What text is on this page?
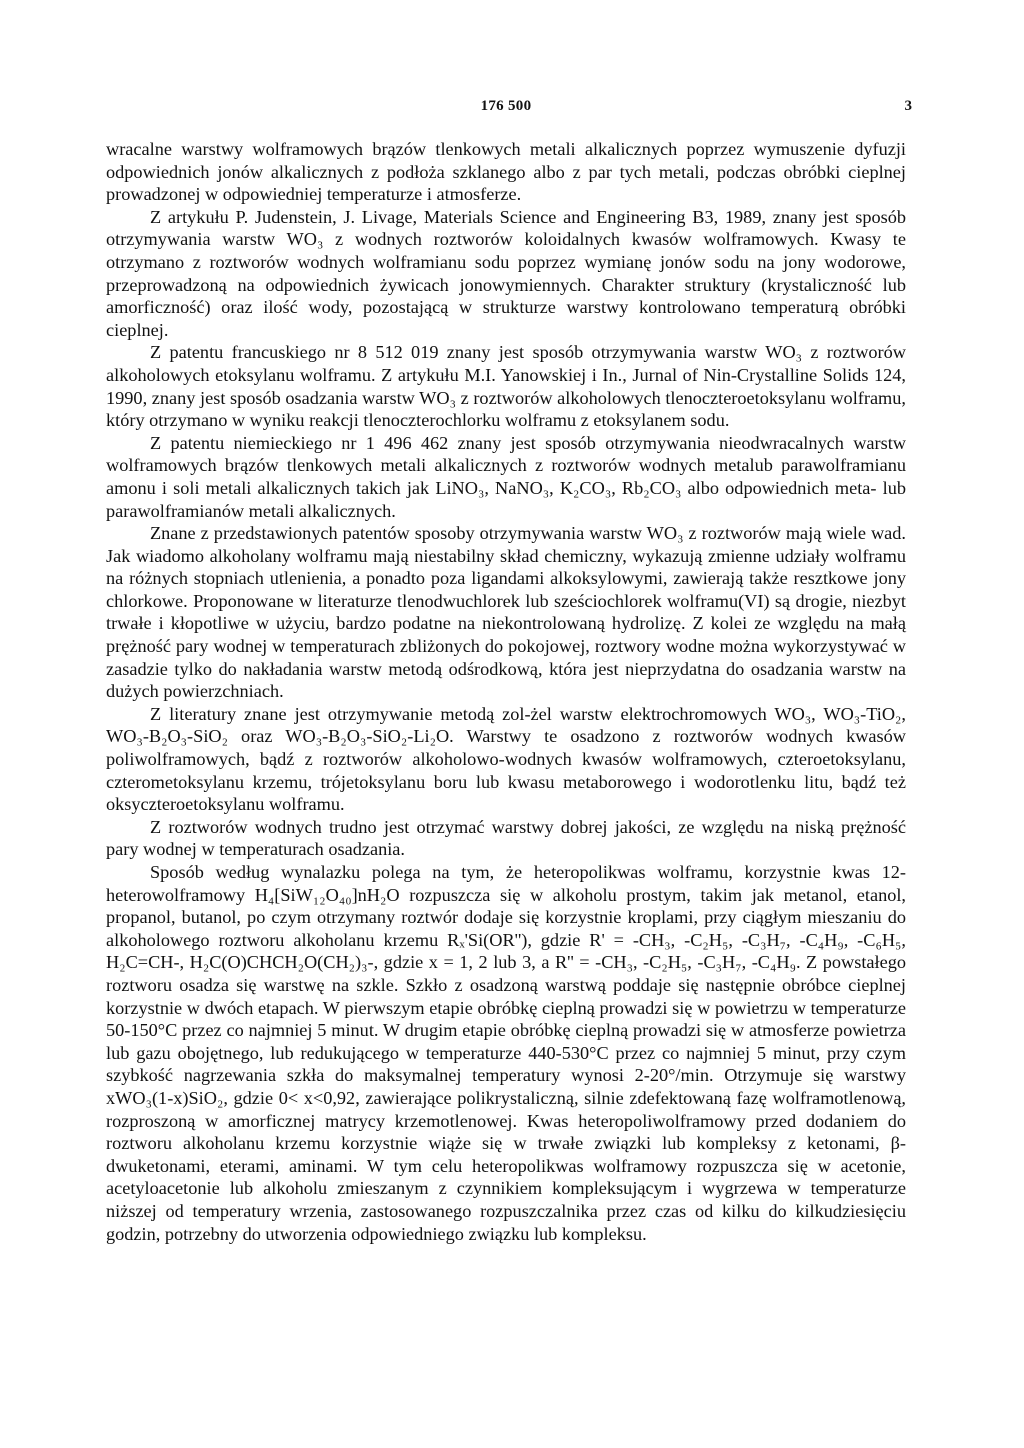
176 500	3

wracalne warstwy wolframowych brązów tlenkowych metali alkalicznych poprzez wymuszenie dyfuzji odpowiednich jonów alkalicznych z podłoża szklanego albo z par tych metali, podczas obróbki cieplnej prowadzonej w odpowiedniej temperaturze i atmosferze.

Z artykułu P. Judenstein, J. Livage, Materials Science and Engineering B3, 1989, znany jest sposób otrzymywania warstw WO₃ z wodnych roztworów koloidalnych kwasów wolframowych. Kwasy te otrzymano z roztworów wodnych wolframianu sodu poprzez wymianę jonów sodu na jony wodorowe, przeprowadzoną na odpowiednich żywicach jonowymiennych. Charakter struktury (krystaliczność lub amorficzność) oraz ilość wody, pozostającą w strukturze warstwy kontrolowano temperaturą obróbki cieplnej.

Z patentu francuskiego nr 8 512 019 znany jest sposób otrzymywania warstw WO₃ z roztworów alkoholowych etoksylanu wolframu. Z artykułu M.I. Yanowskiej i In., Jurnal of Nin-Crystalline Solids 124, 1990, znany jest sposób osadzania warstw WO₃ z roztworów alkoholowych tlenoczteroetoksylanu wolframu, który otrzymano w wyniku reakcji tlenoczterochlorku wolframu z etoksylanem sodu.

Z patentu niemieckiego nr 1 496 462 znany jest sposób otrzymywania nieodwracalnych warstw wolframowych brązów tlenkowych metali alkalicznych z roztworów wodnych metalub parawolframianu amonu i soli metali alkalicznych takich jak LiNO₃, NaNO₃, K₂CO₃, Rb₂CO₃ albo odpowiednich meta- lub parawolframianów metali alkalicznych.

Znane z przedstawionych patentów sposoby otrzymywania warstw WO₃ z roztworów mają wiele wad. Jak wiadomo alkoholany wolframu mają niestabilny skład chemiczny, wykazują zmienne udziały wolframu na różnych stopniach utlenienia, a ponadto poza ligandami alkoksylowymi, zawierają także resztkowe jony chlorkowe. Proponowane w literaturze tlenodwuchlorek lub sześciochlorek wolframu(VI) są drogie, niezbyt trwałe i kłopotliwe w użyciu, bardzo podatne na niekontrolowaną hydrolizę. Z kolei ze względu na małą prężność pary wodnej w temperaturach zbliżonych do pokojowej, roztwory wodne można wykorzystywać w zasadzie tylko do nakładania warstw metodą odśrodkową, która jest nieprzydatna do osadzania warstw na dużych powierzchniach.

Z literatury znane jest otrzymywanie metodą zol-żel warstw elektrochromowych WO₃, WO₃-TiO₂, WO₃-B₂O₃-SiO₂ oraz WO₃-B₂O₃-SiO₂-Li₂O. Warstwy te osadzono z roztworów wodnych kwasów poliwolframowych, bądź z roztworów alkoholowo-wodnych kwasów wolframowych, czteroetoksylanu, czterometoksylanu krzemu, trójetoksylanu boru lub kwasu metaborowego i wodorotlenku litu, bądź też oksyczteroetoksylanu wolframu.

Z roztworów wodnych trudno jest otrzymać warstwy dobrej jakości, ze względu na niską prężność pary wodnej w temperaturach osadzania.

Sposób według wynalazku polega na tym, że heteropolikwas wolframu, korzystnie kwas 12-heterowolframowy H₄[SiW₁₂O₄₀]nH₂O rozpuszcza się w alkoholu prostym, takim jak metanol, etanol, propanol, butanol, po czym otrzymany roztwór dodaje się korzystnie kroplami, przy ciągłym mieszaniu do alkoholowego roztworu alkoholanu krzemu Rₓ'Si(OR''), gdzie R' = -CH₃, -C₂H₅, -C₃H₇, -C₄H₉, -C₆H₅, H₂C=CH-, H₂C(O)CHCH₂O(CH₂)₃-, gdzie x = 1, 2 lub 3, a R'' = -CH₃, -C₂H₅, -C₃H₇, -C₄H₉. Z powstałego roztworu osadza się warstwę na szkle. Szkło z osadzoną warstwą poddaje się następnie obróbce cieplnej korzystnie w dwóch etapach. W pierwszym etapie obróbkę cieplną prowadzi się w powietrzu w temperaturze 50-150°C przez co najmniej 5 minut. W drugim etapie obróbkę cieplną prowadzi się w atmosferze powietrza lub gazu obojętnego, lub redukującego w temperaturze 440-530°C przez co najmniej 5 minut, przy czym szybkość nagrzewania szkła do maksymalnej temperatury wynosi 2-20°/min. Otrzymuje się warstwy xWO₃(1-x)SiO₂, gdzie 0< x<0,92, zawierające polikrystaliczną, silnie zdefektowaną fazę wolframotlenową, rozproszoną w amorficznej matrycy krzemotlenowej. Kwas heteropoliwolframowy przed dodaniem do roztworu alkoholanu krzemu korzystnie wiąże się w trwałe związki lub kompleksy z ketonami, β-dwuketonami, eterami, aminami. W tym celu heteropolikwas wolframowy rozpuszcza się w acetonie, acetyloacetonie lub alkoholu zmieszanym z czynnikiem kompleksującym i wygrzewa w temperaturze niższej od temperatury wrzenia, zastosowanego rozpuszczalnika przez czas od kilku do kilkudziesięciu godzin, potrzebny do utworzenia odpowiedniego związku lub kompleksu.
